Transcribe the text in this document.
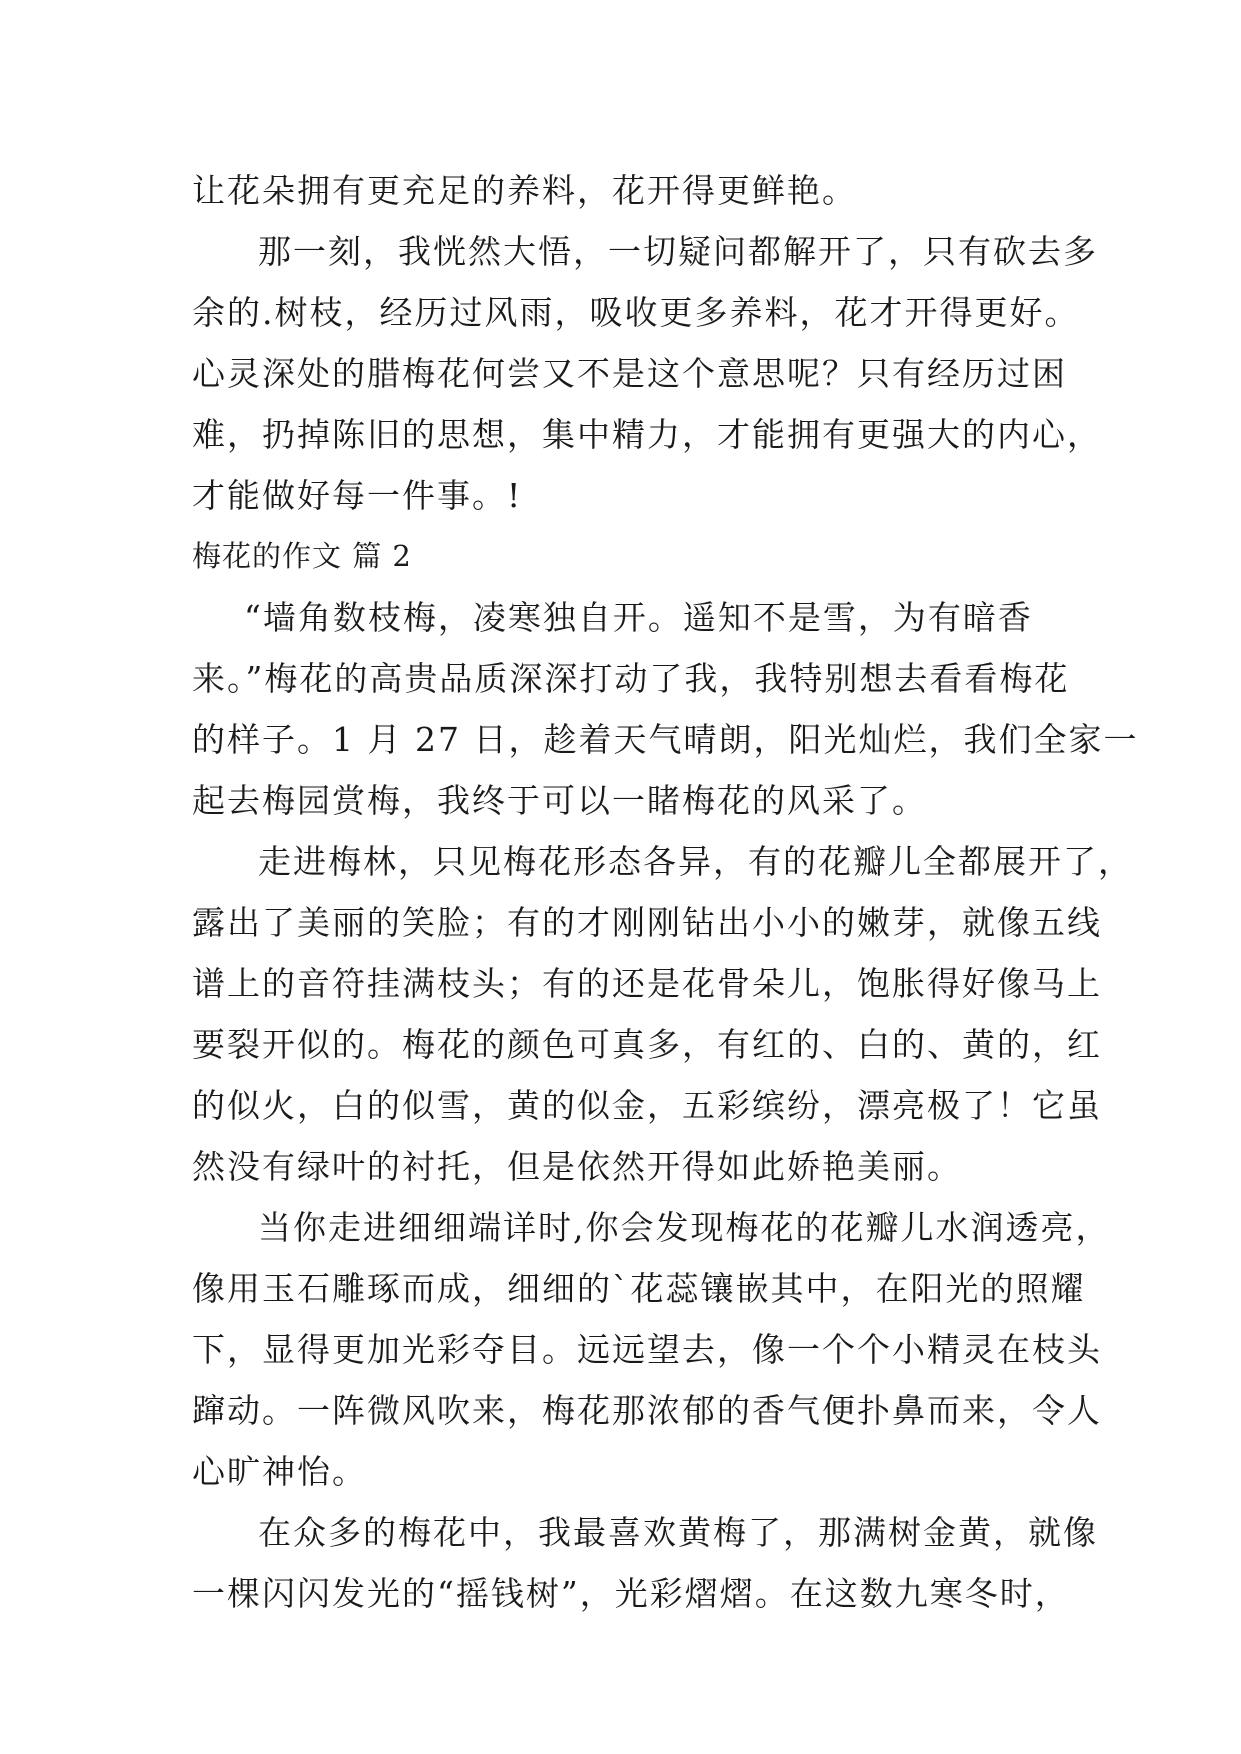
让花朵拥有更充足的养料，花开得更鲜艳。
那一刻，我恍然大悟，一切疑问都解开了，只有砍去多
余的.树枝，经历过风雨，吸收更多养料，花才开得更好。
心灵深处的腊梅花何尝又不是这个意思呢？只有经历过困
难，扔掉陈旧的思想，集中精力，才能拥有更强大的内心，
才能做好每一件事。!
梅花的作文 篇 2
“墙角数枝梅，凌寒独自开。遥知不是雪，为有暗香
来。”梅花的高贵品质深深打动了我，我特别想去看看梅花
的样子。1 月 27 日，趁着天气晴朗，阳光灿烂，我们全家一
起去梅园赏梅，我终于可以一睹梅花的风采了。
走进梅林，只见梅花形态各异，有的花瓣儿全都展开了，
露出了美丽的笑脸；有的才刚刚钻出小小的嫩芽，就像五线
谱上的音符挂满枝头；有的还是花骨朵儿，饱胀得好像马上
要裂开似的。梅花的颜色可真多，有红的、白的、黄的，红
的似火，白的似雪，黄的似金，五彩缤纷，漂亮极了！它虽
然没有绿叶的衬托，但是依然开得如此娇艳美丽。
当你走进细细端详时,你会发现梅花的花瓣儿水润透亮，
像用玉石雕琢而成，细细的`花蕊镶嵌其中，在阳光的照耀
下，显得更加光彩夺目。远远望去，像一个个小精灵在枝头
蹿动。一阵微风吹来，梅花那浓郁的香气便扑鼻而来，令人
心旷神怡。
在众多的梅花中，我最喜欢黄梅了，那满树金黄，就像
一棵闪闪发光的“摇钱树”，光彩熠熠。在这数九寒冬时，
